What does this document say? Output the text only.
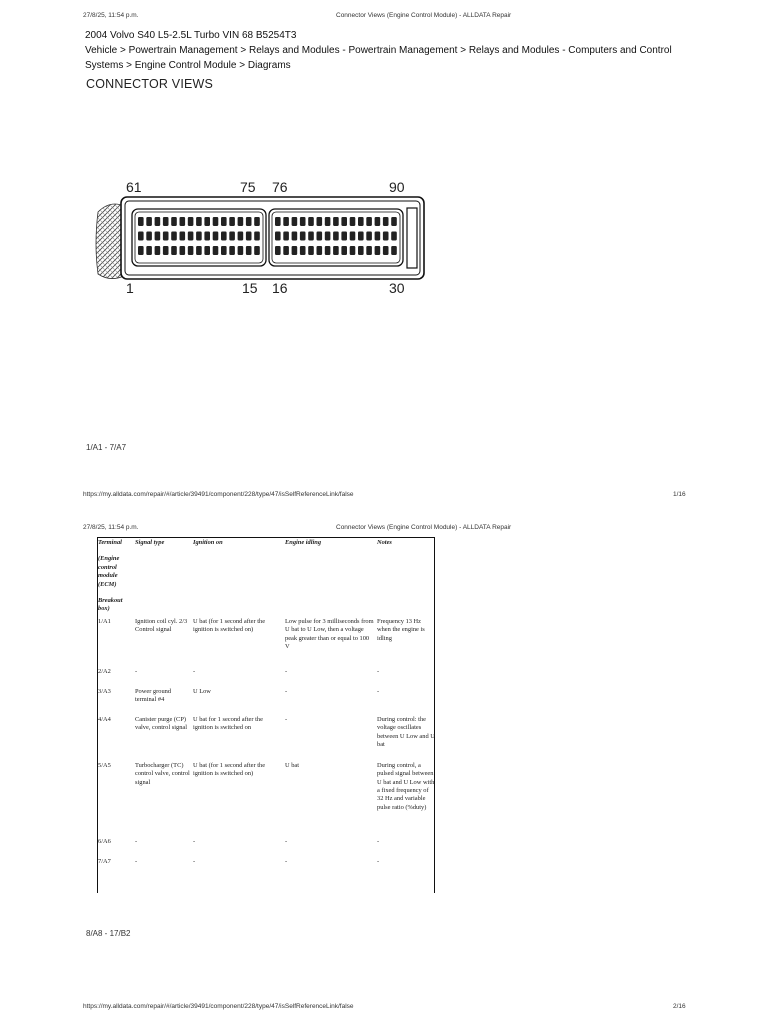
27/8/25, 11:54 p.m.	Connector Views (Engine Control Module) - ALLDATA Repair
2004 Volvo S40 L5-2.5L Turbo VIN 68 B5254T3
Vehicle > Powertrain Management > Relays and Modules - Powertrain Management > Relays and Modules - Computers and Control
Systems > Engine Control Module > Diagrams
CONNECTOR VIEWS
61	75 76	90
1	15 16	30
1/A1 - 7/A7
https://my.alldata.com/repair/#/article/39491/component/228/type/47/isSelfReferenceLink/false	1/16
27/8/25, 11:54 p.m.	Connector Views (Engine Control Module) - ALLDATA Repair
Terminal
(Engine control module (ECM)
Breakout box)	Signal type	Ignition on	Engine idling	Notes
1/A1	Ignition coil cyl. 2/3 Control signal	U bat (for 1 second after the ignition is switched on)	Low pulse for 3 milliseconds from U bat to U Low, then a voltage peak greater than or equal to 100 V	Frequency 13 Hz when the engine is idling
2/A2	-	-	-	-
3/A3	Power ground terminal #4	U Low	-	-
4/A4	Canister purge (CP) valve, control signal	U bat for 1 second after the ignition is switched on	-	During control: the voltage oscillates between U Low and U bat
5/A5	Turbocharger (TC) control valve, control signal	U bat (for 1 second after the ignition is switched on)	U bat	During control, a pulsed signal between U bat and U Low with a fixed frequency of 32 Hz and variable pulse ratio (%duty)
6/A6	-	-	-	-
7/A7	-	-	-	-
8/A8 - 17/B2
https://my.alldata.com/repair/#/article/39491/component/228/type/47/isSelfReferenceLink/false	2/16
